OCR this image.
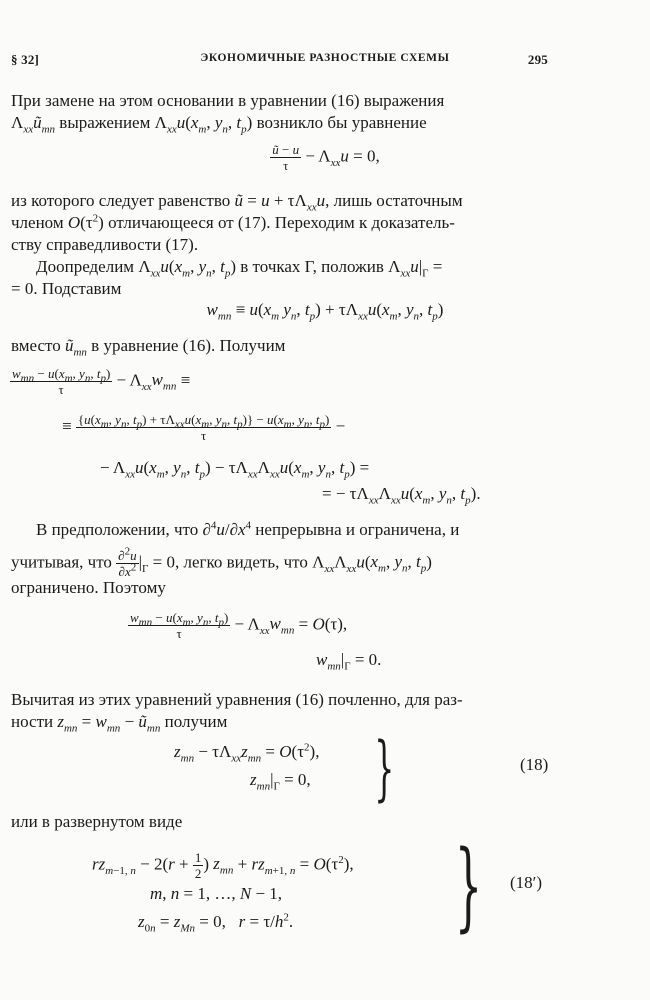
§ 32]	ЭКОНОМИЧНЫЕ РАЗНОСТНЫЕ СХЕМЫ	295
При замене на этом основании в уравнении (16) выражения
$\Lambda_{xx}ũ_{mn}$ выражением $\Lambda_{xx}u(x_m$, $y_n$, $t_p$) возникло бы уравнение
$\frac{ũ - u}{\tau} - \Lambda_{xx}u = 0$,
из которого следует равенство ũ = $u + \tau\Lambda_{xx}u$, лишь остаточным
членом $O(\tau^2)$ отличающееся от (17). Переходим к доказатель-
ству справедливости (17).
Доопределим $\Lambda_{xx}u(x_m$, $y_n$, $t_p$) в точках Г, положив $\Lambda_{xx}u|_\Gamma$ =
= 0. Подставим
$w_{mn} \equiv u(x_m$ $y_n$, $t_p) + \tau\Lambda_{xx}u(x_m$, $y_n$, $t_p$)
вместо $ũ_{mn}$ в уравнение (16). Получим
$\frac{w_{mn} - u(x_m, y_n, t_p)}{\tau} - \Lambda_{xx}w_{mn}$ ≡
≡ $\frac{\{u(x_m, y_n, t_p) + \tau\Lambda_{xx}u(x_m, y_n, t_p)\} - u(x_m, y_n, t_p)}{\tau}$ −
− $\Lambda_{xx}u(x_m$, $y_n$, $t_p) - \tau\Lambda_{xx}\Lambda_{xx}u(x_m$, $y_n$, $t_p$) =
= − $\tau\Lambda_{xx}\Lambda_{xx}u(x_m$, $y_n$, $t_p$).
В предположении, что $\partial^4u/\partial x^4$ непрерывна и ограничена, и
учитывая, что $\frac{\partial^2u}{\partial x^2} |_\Gamma = 0$, легко видеть, что $\Lambda_{xx}\Lambda_{xx}u(x_m$, $y_n$, $t_p$)
ограничено. Поэтому
$\frac{w_{mn} - u(x_m, y_n, t_p)}{\tau} - \Lambda_{xx}w_{mn} = O(\tau)$,
$w_{mn}|_\Gamma = 0$.
Вычитая из этих уравнений уравнения (16) почленно, для раз-
ности $z_{mn} = w_{mn}$ − $ũ_{mn}$ получим
$z_{mn} - \tau\Lambda_{xx}z_{mn} = O(\tau^2)$,
$z_{mn}|_\Gamma = 0$, }	(18)
или в развернутом виде
$rz_{m-1, n} - 2(r + \frac{1}{2}$ ) $z_{mn} + rz_{m+1, n} = O(\tau^2)$,
m, n = 1, …, N − 1,
$z_{0n} = z_{Mn} = 0$,   $r = \tau/h^2$. } (18′)
